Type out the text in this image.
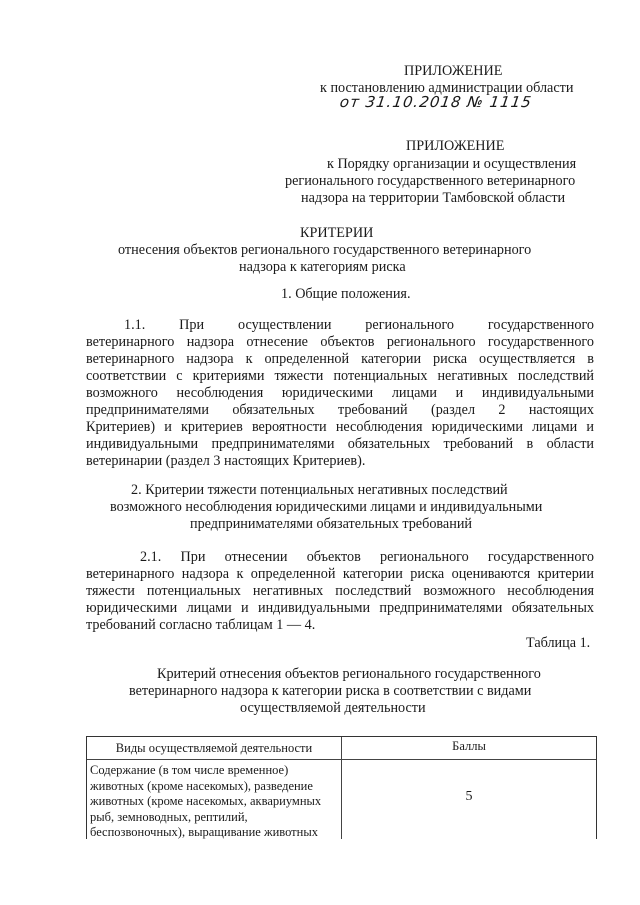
ПРИЛОЖЕНИЕ
к постановлению администрации области
от 31.10.2018 № 1115
ПРИЛОЖЕНИЕ
к Порядку организации и осуществления
регионального государственного ветеринарного
надзора на территории Тамбовской области
КРИТЕРИИ
отнесения объектов регионального государственного ветеринарного
надзора к категориям риска
1. Общие положения.
1.1. При осуществлении регионального государственного
ветеринарного надзора отнесение объектов регионального государственного
ветеринарного надзора к определенной категории риска осуществляется в
соответствии с критериями тяжести потенциальных негативных последствий
возможного несоблюдения юридическими лицами и индивидуальными
предпринимателями обязательных требований (раздел 2 настоящих
Критериев) и критериев вероятности несоблюдения юридическими лицами и
индивидуальными предпринимателями обязательных требований в области
ветеринарии (раздел 3 настоящих Критериев).
2. Критерии тяжести потенциальных негативных последствий
возможного несоблюдения юридическими лицами и индивидуальными
предпринимателями обязательных требований
2.1. При отнесении объектов регионального государственного
ветеринарного надзора к определенной категории риска оцениваются критерии
тяжести потенциальных негативных последствий возможного несоблюдения
юридическими лицами и индивидуальными предпринимателями обязательных
требований согласно таблицам 1 — 4.
Таблица 1.
Критерий отнесения объектов регионального государственного
ветеринарного надзора к категории риска в соответствии с видами
осуществляемой деятельности
Виды осуществляемой деятельности	Баллы
Содержание (в том числе временное)
животных (кроме насекомых), разведение
животных (кроме насекомых, аквариумных
рыб, земноводных, рептилий,
беспозвоночных), выращивание животных
5
